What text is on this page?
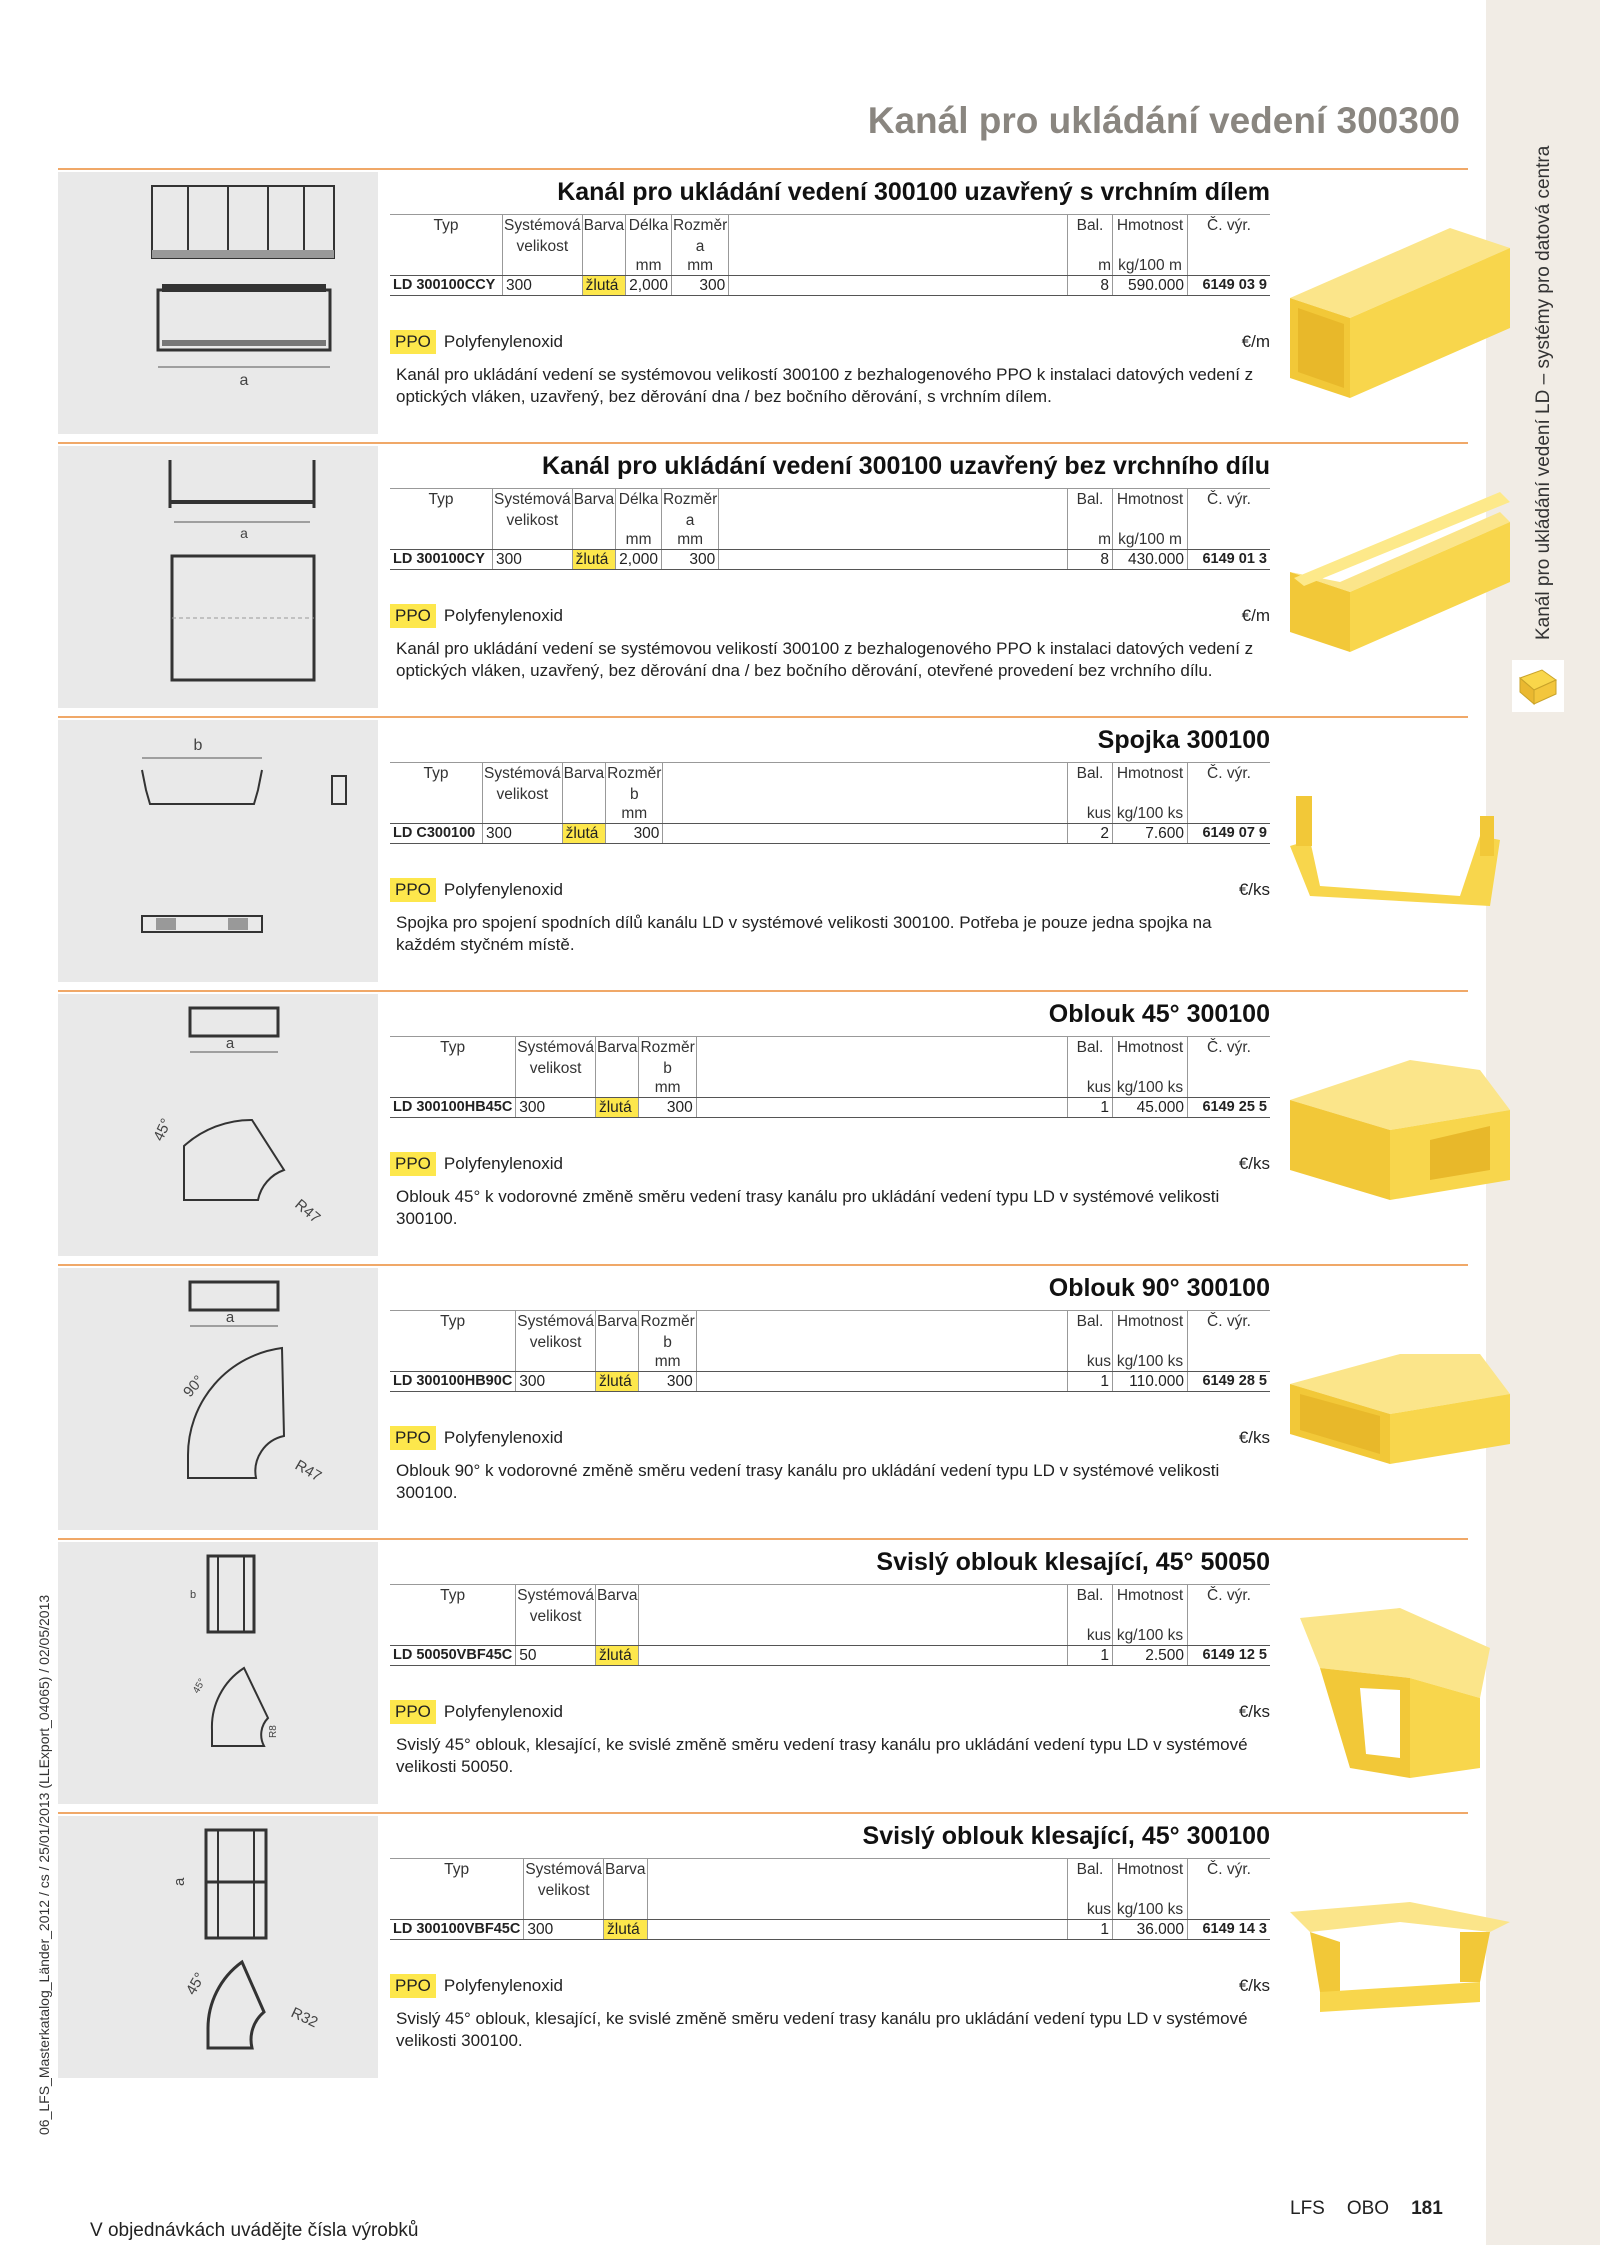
Kanál pro ukládání vedení LD – systémy pro datová centra
06_LFS_Masterkatalog_Länder_2012 / cs / 25/01/2013 (LLExport_04065) / 02/05/2013
Kanál pro ukládání vedení 300300
a
Kanál pro ukládání vedení 300100 uzavřený s vrchním dílem
Typ	Systémová
velikost	Barva	Délka	Rozměr
a		Bal.	Hmotnost	Č. výr.
			mm	mm		m	kg/100 m	
LD 300100CCY	300	žlutá	2,000	300		8	590.000	6149 03 9
PPO Polyfenylenoxid	€/m
Kanál pro ukládání vedení se systémovou velikostí 300100 z bezhalogenového PPO k instalaci datových vedení z optických vláken, uzavřený, bez děrování dna / bez bočního děrování, s vrchním dílem.
a
Kanál pro ukládání vedení 300100 uzavřený bez vrchního dílu
Typ	Systémová
velikost	Barva	Délka	Rozměr
a		Bal.	Hmotnost	Č. výr.
			mm	mm		m	kg/100 m	
LD 300100CY	300	žlutá	2,000	300		8	430.000	6149 01 3
PPO Polyfenylenoxid	€/m
Kanál pro ukládání vedení se systémovou velikostí 300100 z bezhalogenového PPO k instalaci datových vedení z optických vláken, uzavřený, bez děrování dna / bez bočního děrování, otevřené provedení bez vrchního dílu.
b	Spojka 300100
Typ	Systémová
velikost	Barva	Rozměr
b		Bal.	Hmotnost	Č. výr.
			mm		kus	kg/100 ks	
LD C300100	300	žlutá	300		2	7.600	6149 07 9
PPO Polyfenylenoxid	€/ks
Spojka pro spojení spodních dílů kanálu LD v systémové velikosti 300100. Potřeba je pouze jedna spojka na každém styčném místě.
a
45°
R47
Oblouk 45° 300100
Typ	Systémová
velikost	Barva	Rozměr
b		Bal.	Hmotnost	Č. výr.
			mm		kus	kg/100 ks	
LD 300100HB45C	300	žlutá	300		1	45.000	6149 25 5
PPO Polyfenylenoxid	€/ks
Oblouk 45° k vodorovné změně směru vedení trasy kanálu pro ukládání vedení typu LD v systémové velikosti 300100.
a
90°
R47
Oblouk 90° 300100
Typ	Systémová
velikost	Barva	Rozměr
b		Bal.	Hmotnost	Č. výr.
			mm		kus	kg/100 ks	
LD 300100HB90C	300	žlutá	300		1	110.000	6149 28 5
PPO Polyfenylenoxid	€/ks
Oblouk 90° k vodorovné změně směru vedení trasy kanálu pro ukládání vedení typu LD v systémové velikosti 300100.
b
45°
R8
Svislý oblouk klesající, 45° 50050
Typ	Systémová
velikost	Barva		Bal.	Hmotnost	Č. výr.
				kus	kg/100 ks	
LD 50050VBF45C	50	žlutá		1	2.500	6149 12 5
PPO Polyfenylenoxid	€/ks
Svislý 45° oblouk, klesající, ke svislé změně směru vedení trasy kanálu pro ukládání vedení typu LD v systémové velikosti 50050.
a
45°
R32
Svislý oblouk klesající, 45° 300100
Typ	Systémová
velikost	Barva		Bal.	Hmotnost	Č. výr.
				kus	kg/100 ks	
LD 300100VBF45C	300	žlutá		1	36.000	6149 14 3
PPO Polyfenylenoxid	€/ks
Svislý 45° oblouk, klesající, ke svislé změně směru vedení trasy kanálu pro ukládání vedení typu LD v systémové velikosti 300100.
V objednávkách uvádějte čísla výrobků
LFS OBO 181
